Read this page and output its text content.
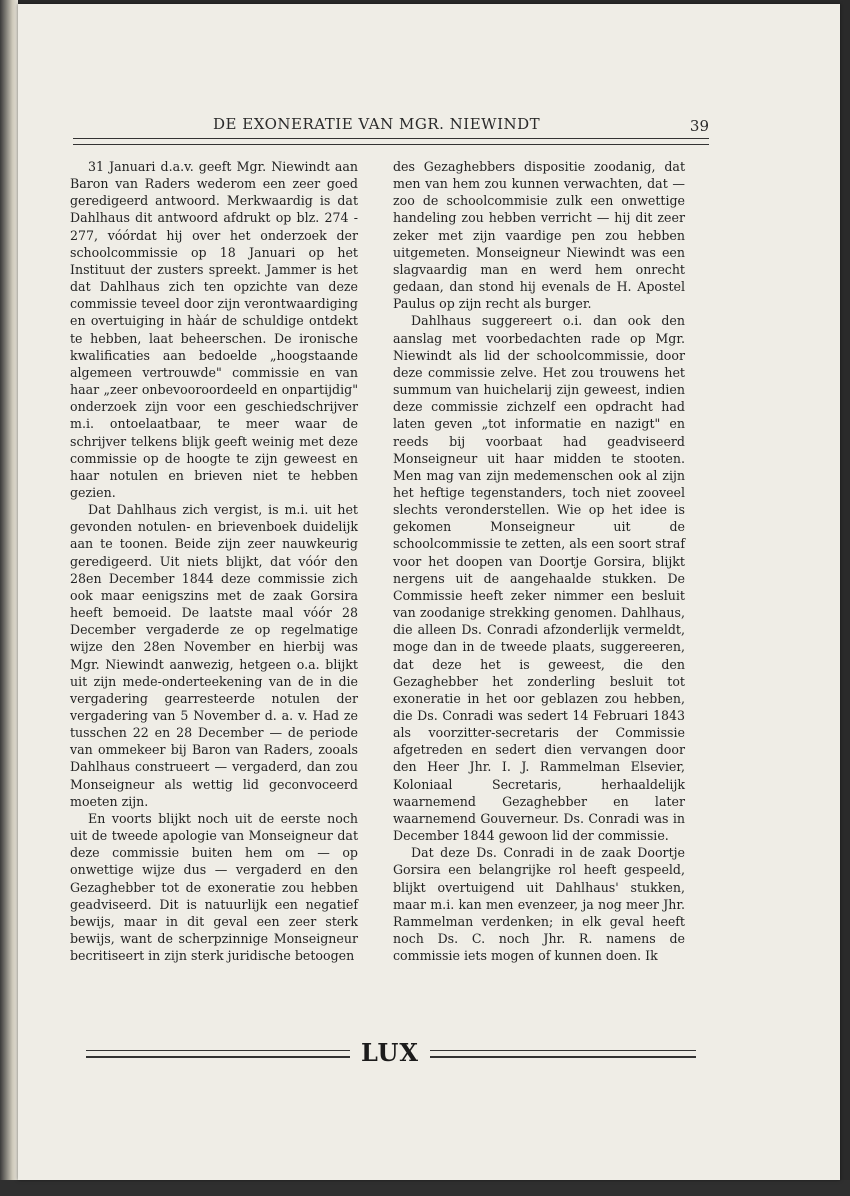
DE EXONERATIE VAN MGR. NIEWINDT	39

31 Januari d.a.v. geeft Mgr. Niewindt aan Baron van Raders wederom een zeer goed geredigeerd antwoord. Merkwaardig is dat Dahlhaus dit antwoord afdrukt op blz. 274 - 277, vóórdat hij over het onderzoek der schoolcommissie op 18 Januari op het Instituut der zusters spreekt. Jammer is het dat Dahlhaus zich ten opzichte van deze commissie teveel door zijn verontwaardiging en overtuiging in hàár de schuldige ontdekt te hebben, laat beheerschen. De ironische kwalificaties aan bedoelde „hoogstaande algemeen vertrouwde" commissie en van haar „zeer onbevooroordeeld en onpartijdig" onderzoek zijn voor een geschiedschrijver m.i. ontoelaatbaar, te meer waar de schrijver telkens blijk geeft weinig met deze commissie op de hoogte te zijn geweest en haar notulen en brieven niet te hebben gezien.

Dat Dahlhaus zich vergist, is m.i. uit het gevonden notulen- en brievenboek duidelijk aan te toonen. Beide zijn zeer nauwkeurig geredigeerd. Uit niets blijkt, dat vóór den 28en December 1844 deze commissie zich ook maar eenigszins met de zaak Gorsira heeft bemoeid. De laatste maal vóór 28 December vergaderde ze op regelmatige wijze den 28en November en hierbij was Mgr. Niewindt aanwezig, hetgeen o.a. blijkt uit zijn mede-onderteekening van de in die vergadering gearresteerde notulen der vergadering van 5 November d. a. v. Had ze tusschen 22 en 28 December — de periode van ommekeer bij Baron van Raders, zooals Dahlhaus construeert — vergaderd, dan zou Monseigneur als wettig lid geconvoceerd moeten zijn.

En voorts blijkt noch uit de eerste noch uit de tweede apologie van Monseigneur dat deze commissie buiten hem om — op onwettige wijze dus — vergaderd en den Gezaghebber tot de exoneratie zou hebben geadviseerd. Dit is natuurlijk een negatief bewijs, maar in dit geval een zeer sterk bewijs, want de scherpzinnige Monseigneur becritiseert in zijn sterk juridische betoogen

des Gezaghebbers dispositie zoodanig, dat men van hem zou kunnen verwachten, dat — zoo de schoolcommisie zulk een onwettige handeling zou hebben verricht — hij dit zeer zeker met zijn vaardige pen zou hebben uitgemeten. Monseigneur Niewindt was een slagvaardig man en werd hem onrecht gedaan, dan stond hij evenals de H. Apostel Paulus op zijn recht als burger.

Dahlhaus suggereert o.i. dan ook den aanslag met voorbedachten rade op Mgr. Niewindt als lid der schoolcommissie, door deze commissie zelve. Het zou trouwens het summum van huichelarij zijn geweest, indien deze commissie zichzelf een opdracht had laten geven „tot informatie en nazigt" en reeds bij voorbaat had geadviseerd Monseigneur uit haar midden te stooten. Men mag van zijn medemenschen ook al zijn het heftige tegenstanders, toch niet zooveel slechts veronderstellen. Wie op het idee is gekomen Monseigneur uit de schoolcommissie te zetten, als een soort straf voor het doopen van Doortje Gorsira, blijkt nergens uit de aangehaalde stukken. De Commissie heeft zeker nimmer een besluit van zoodanige strekking genomen. Dahlhaus, die alleen Ds. Conradi afzonderlijk vermeldt, moge dan in de tweede plaats, suggereeren, dat deze het is geweest, die den Gezaghebber het zonderling besluit tot exoneratie in het oor geblazen zou hebben, die Ds. Conradi was sedert 14 Februari 1843 als voorzitter-secretaris der Commissie afgetreden en sedert dien vervangen door den Heer Jhr. I. J. Rammelman Elsevier, Koloniaal Secretaris, herhaaldelijk waarnemend Gezaghebber en later waarnemend Gouverneur. Ds. Conradi was in December 1844 gewoon lid der commissie.

Dat deze Ds. Conradi in de zaak Doortje Gorsira een belangrijke rol heeft gespeeld, blijkt overtuigend uit Dahlhaus' stukken, maar m.i. kan men evenzeer, ja nog meer Jhr. Rammelman verdenken; in elk geval heeft noch Ds. C. noch Jhr. R. namens de commissie iets mogen of kunnen doen. Ik

LUX
